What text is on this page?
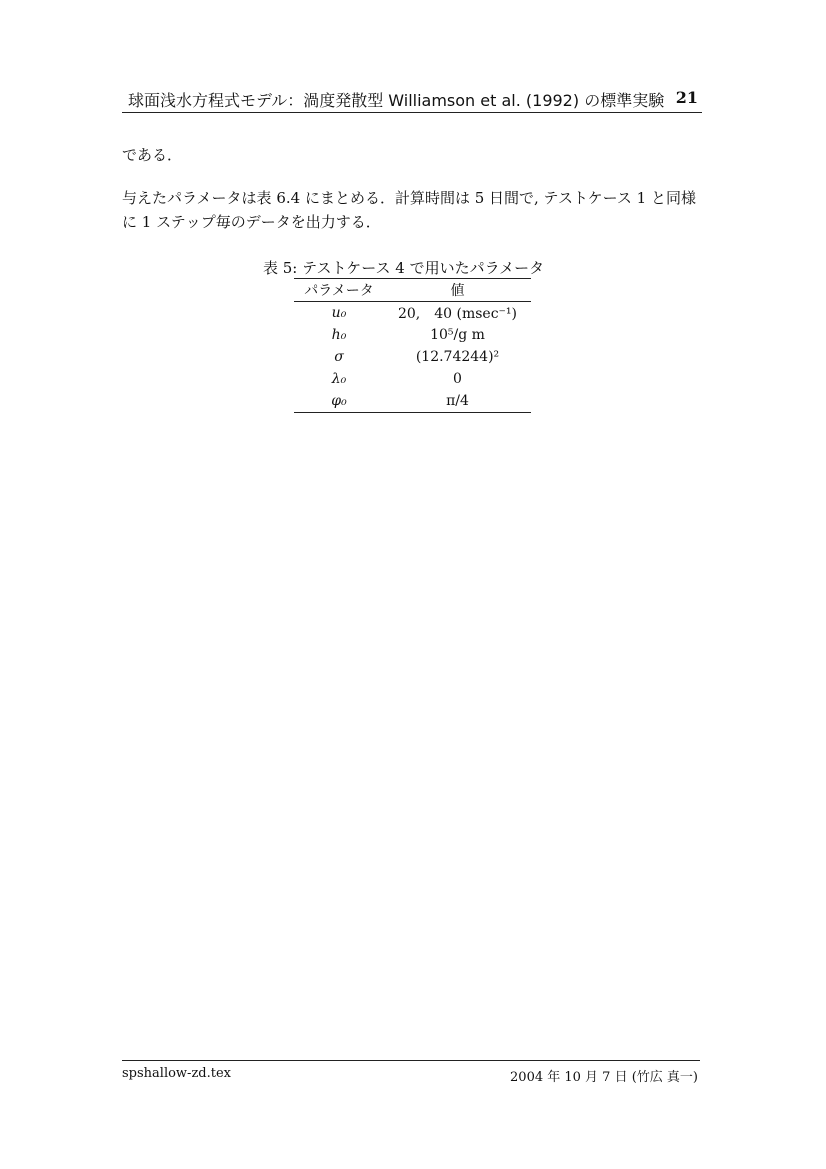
球面浅水方程式モデル：渦度発散型 Williamson et al. (1992) の標準実験 21
である．
与えたパラメータは表 6.4 にまとめる．計算時間は 5 日間で, テストケース 1 と同様に 1 ステップ毎のデータを出力する．
表 5: テストケース 4 で用いたパラメータ
パラメータ	値
u₀	20,　40 (msec⁻¹)
h₀	10⁵/g m
σ	(12.74244)²
λ₀	0
φ₀	π/4
spshallow-zd.tex	2004 年 10 月 7 日 (竹広 真一)
